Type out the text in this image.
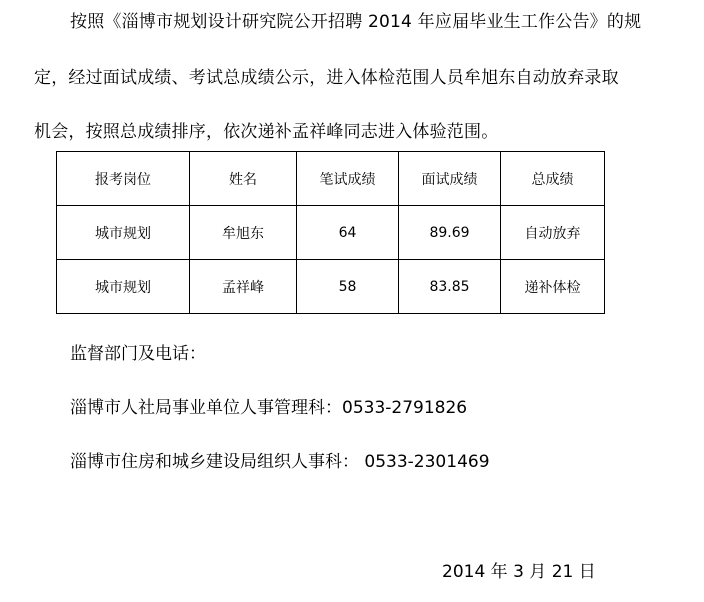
按照《淄博市规划设计研究院公开招聘 2014 年应届毕业生工作公告》的规
定，经过面试成绩、考试总成绩公示，进入体检范围人员牟旭东自动放弃录取
机会，按照总成绩排序，依次递补孟祥峰同志进入体验范围。
报考岗位	姓名	笔试成绩	面试成绩	总成绩
城市规划	牟旭东	64	89.69	自动放弃
城市规划	孟祥峰	58	83.85	递补体检
监督部门及电话：
淄博市人社局事业单位人事管理科：0533-2791826
淄博市住房和城乡建设局组织人事科： 0533-2301469
2014 年 3 月 21 日
